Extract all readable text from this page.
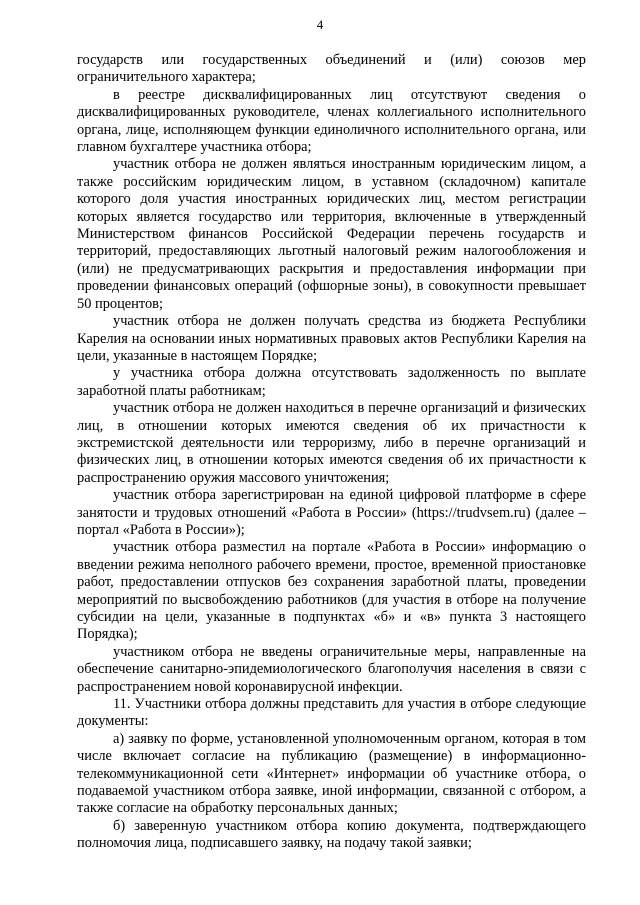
4

государств или государственных объединений и (или) союзов мер ограничительного характера;

в реестре дисквалифицированных лиц отсутствуют сведения о дисквалифицированных руководителе, членах коллегиального исполнительного органа, лице, исполняющем функции единоличного исполнительного органа, или главном бухгалтере участника отбора;

участник отбора не должен являться иностранным юридическим лицом, а также российским юридическим лицом, в уставном (складочном) капитале которого доля участия иностранных юридических лиц, местом регистрации которых является государство или территория, включенные в утвержденный Министерством финансов Российской Федерации перечень государств и территорий, предоставляющих льготный налоговый режим налогообложения и (или) не предусматривающих раскрытия и предоставления информации при проведении финансовых операций (офшорные зоны), в совокупности превышает 50 процентов;

участник отбора не должен получать средства из бюджета Республики Карелия на основании иных нормативных правовых актов Республики Карелия на цели, указанные в настоящем Порядке;

у участника отбора должна отсутствовать задолженность по выплате заработной платы работникам;

участник отбора не должен находиться в перечне организаций и физических лиц, в отношении которых имеются сведения об их причастности к экстремистской деятельности или терроризму, либо в перечне организаций и физических лиц, в отношении которых имеются сведения об их причастности к распространению оружия массового уничтожения;

участник отбора зарегистрирован на единой цифровой платформе в сфере занятости и трудовых отношений «Работа в России» (https://trudvsem.ru) (далее – портал «Работа в России»);

участник отбора разместил на портале «Работа в России» информацию о введении режима неполного рабочего времени, простое, временной приостановке работ, предоставлении отпусков без сохранения заработной платы, проведении мероприятий по высвобождению работников (для участия в отборе на получение субсидии на цели, указанные в подпунктах «б» и «в» пункта 3 настоящего Порядка);

участником отбора не введены ограничительные меры, направленные на обеспечение санитарно-эпидемиологического благополучия населения в связи с распространением новой коронавирусной инфекции.

11. Участники отбора должны представить для участия в отборе следующие документы:

а) заявку по форме, установленной уполномоченным органом, которая в том числе включает согласие на публикацию (размещение) в информационно-телекоммуникационной сети «Интернет» информации об участнике отбора, о подаваемой участником отбора заявке, иной информации, связанной с отбором, а также согласие на обработку персональных данных;

б) заверенную участником отбора копию документа, подтверждающего полномочия лица, подписавшего заявку, на подачу такой заявки;
